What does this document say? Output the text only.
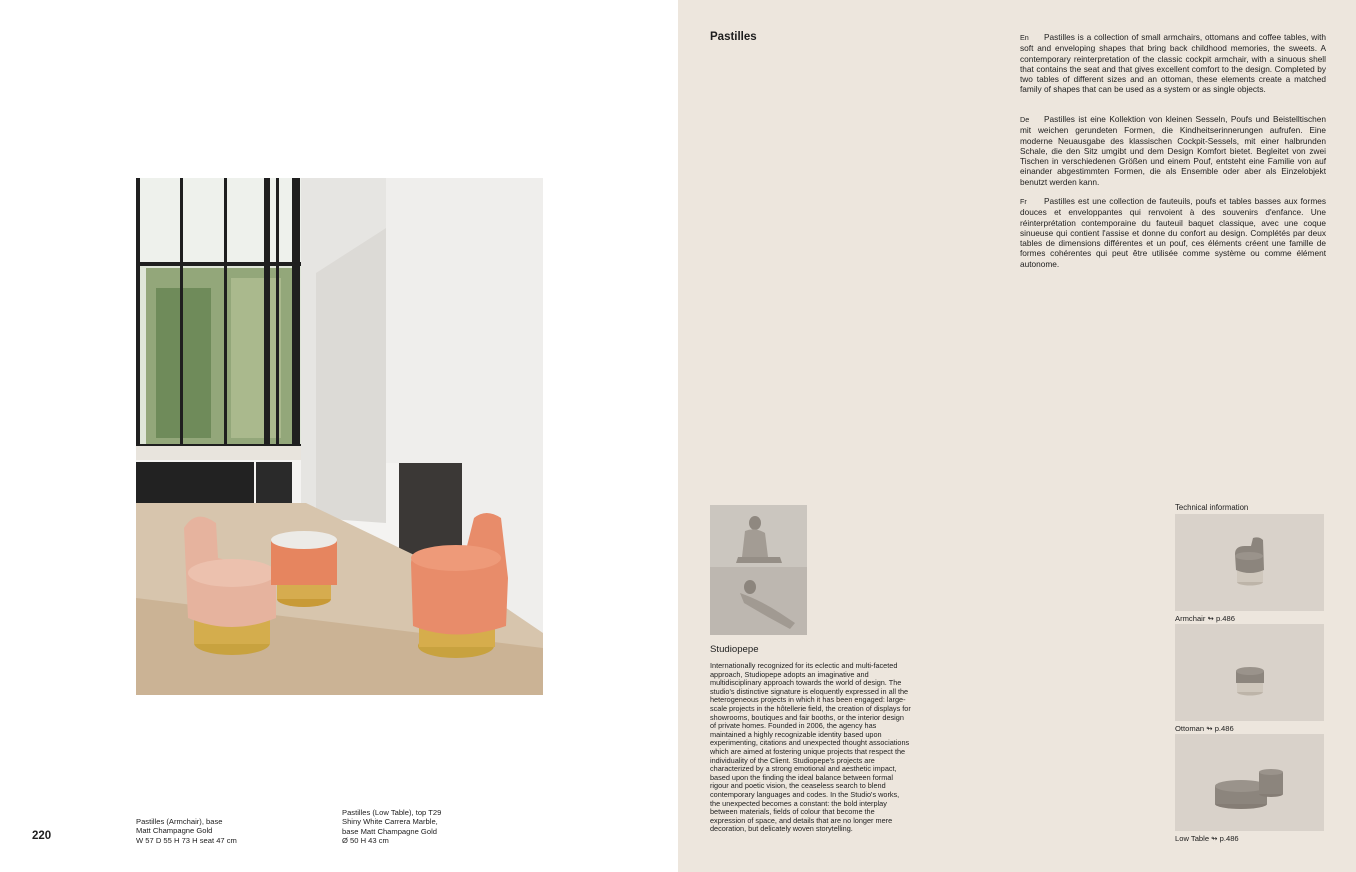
Pastilles (Armchair), base
Matt Champagne Gold
W 57 D 55 H 73 H seat 47 cm
Pastilles (Low Table), top T29
Shiny White Carrera Marble,
base Matt Champagne Gold
Ø 50 H 43 cm
220
Pastilles	En Pastilles is a collection of small armchairs, ottomans and coffee tables, with soft and enveloping shapes that bring back childhood memories, the sweets. A contemporary reinterpretation of the classic cockpit armchair, with a sinuous shell that contains the seat and that gives excellent comfort to the design. Completed by two tables of different sizes and an ottoman, these elements create a matched family of shapes that can be used as a system or as single objects.
De Pastilles ist eine Kollektion von kleinen Sesseln, Poufs und Beistelltischen mit weichen gerundeten Formen, die Kindheitserinnerungen aufrufen. Eine moderne Neuausgabe des klassischen Cockpit-Sessels, mit einer halbrunden Schale, die den Sitz umgibt und dem Design Komfort bietet. Begleitet von zwei Tischen in verschiedenen Größen und einem Pouf, entsteht eine Familie von auf einander abgestimmten Formen, die als Ensemble oder aber als Einzelobjekt benutzt werden kann.
Fr Pastilles est une collection de fauteuils, poufs et tables basses aux formes douces et enveloppantes qui renvoient à des souvenirs d'enfance. Une réinterprétation contemporaine du fauteuil baquet classique, avec une coque sinueuse qui contient l'assise et donne du confort au design. Complétés par deux tables de dimensions différentes et un pouf, ces éléments créent une famille de formes cohérentes qui peut être utilisée comme système ou comme élément autonome.
Studiopepe
Internationally recognized for its eclectic and multi-faceted approach, Studiopepe adopts an imaginative and multidisciplinary approach towards the world of design. The studio's distinctive signature is eloquently expressed in all the heterogeneous projects in which it has been engaged: large-scale projects in the hôtellerie field, the creation of displays for showrooms, boutiques and fair booths, or the interior design of private homes. Founded in 2006, the agency has maintained a highly recognizable identity based upon experimenting, citations and unexpected thought associations which are aimed at fostering unique projects that respect the individuality of the Client. Studiopepe's projects are characterized by a strong emotional and aesthetic impact, based upon the finding the ideal balance between formal rigour and poetic vision, the ceaseless search to blend contemporary languages and codes. In the Studio's works, the unexpected becomes a constant: the bold interplay between materials, fields of colour that become the expression of space, and details that are no longer mere decoration, but delicately woven storytelling.
Technical information
Armchair ↬ p.486
Ottoman ↬ p.486
Low Table ↬ p.486
